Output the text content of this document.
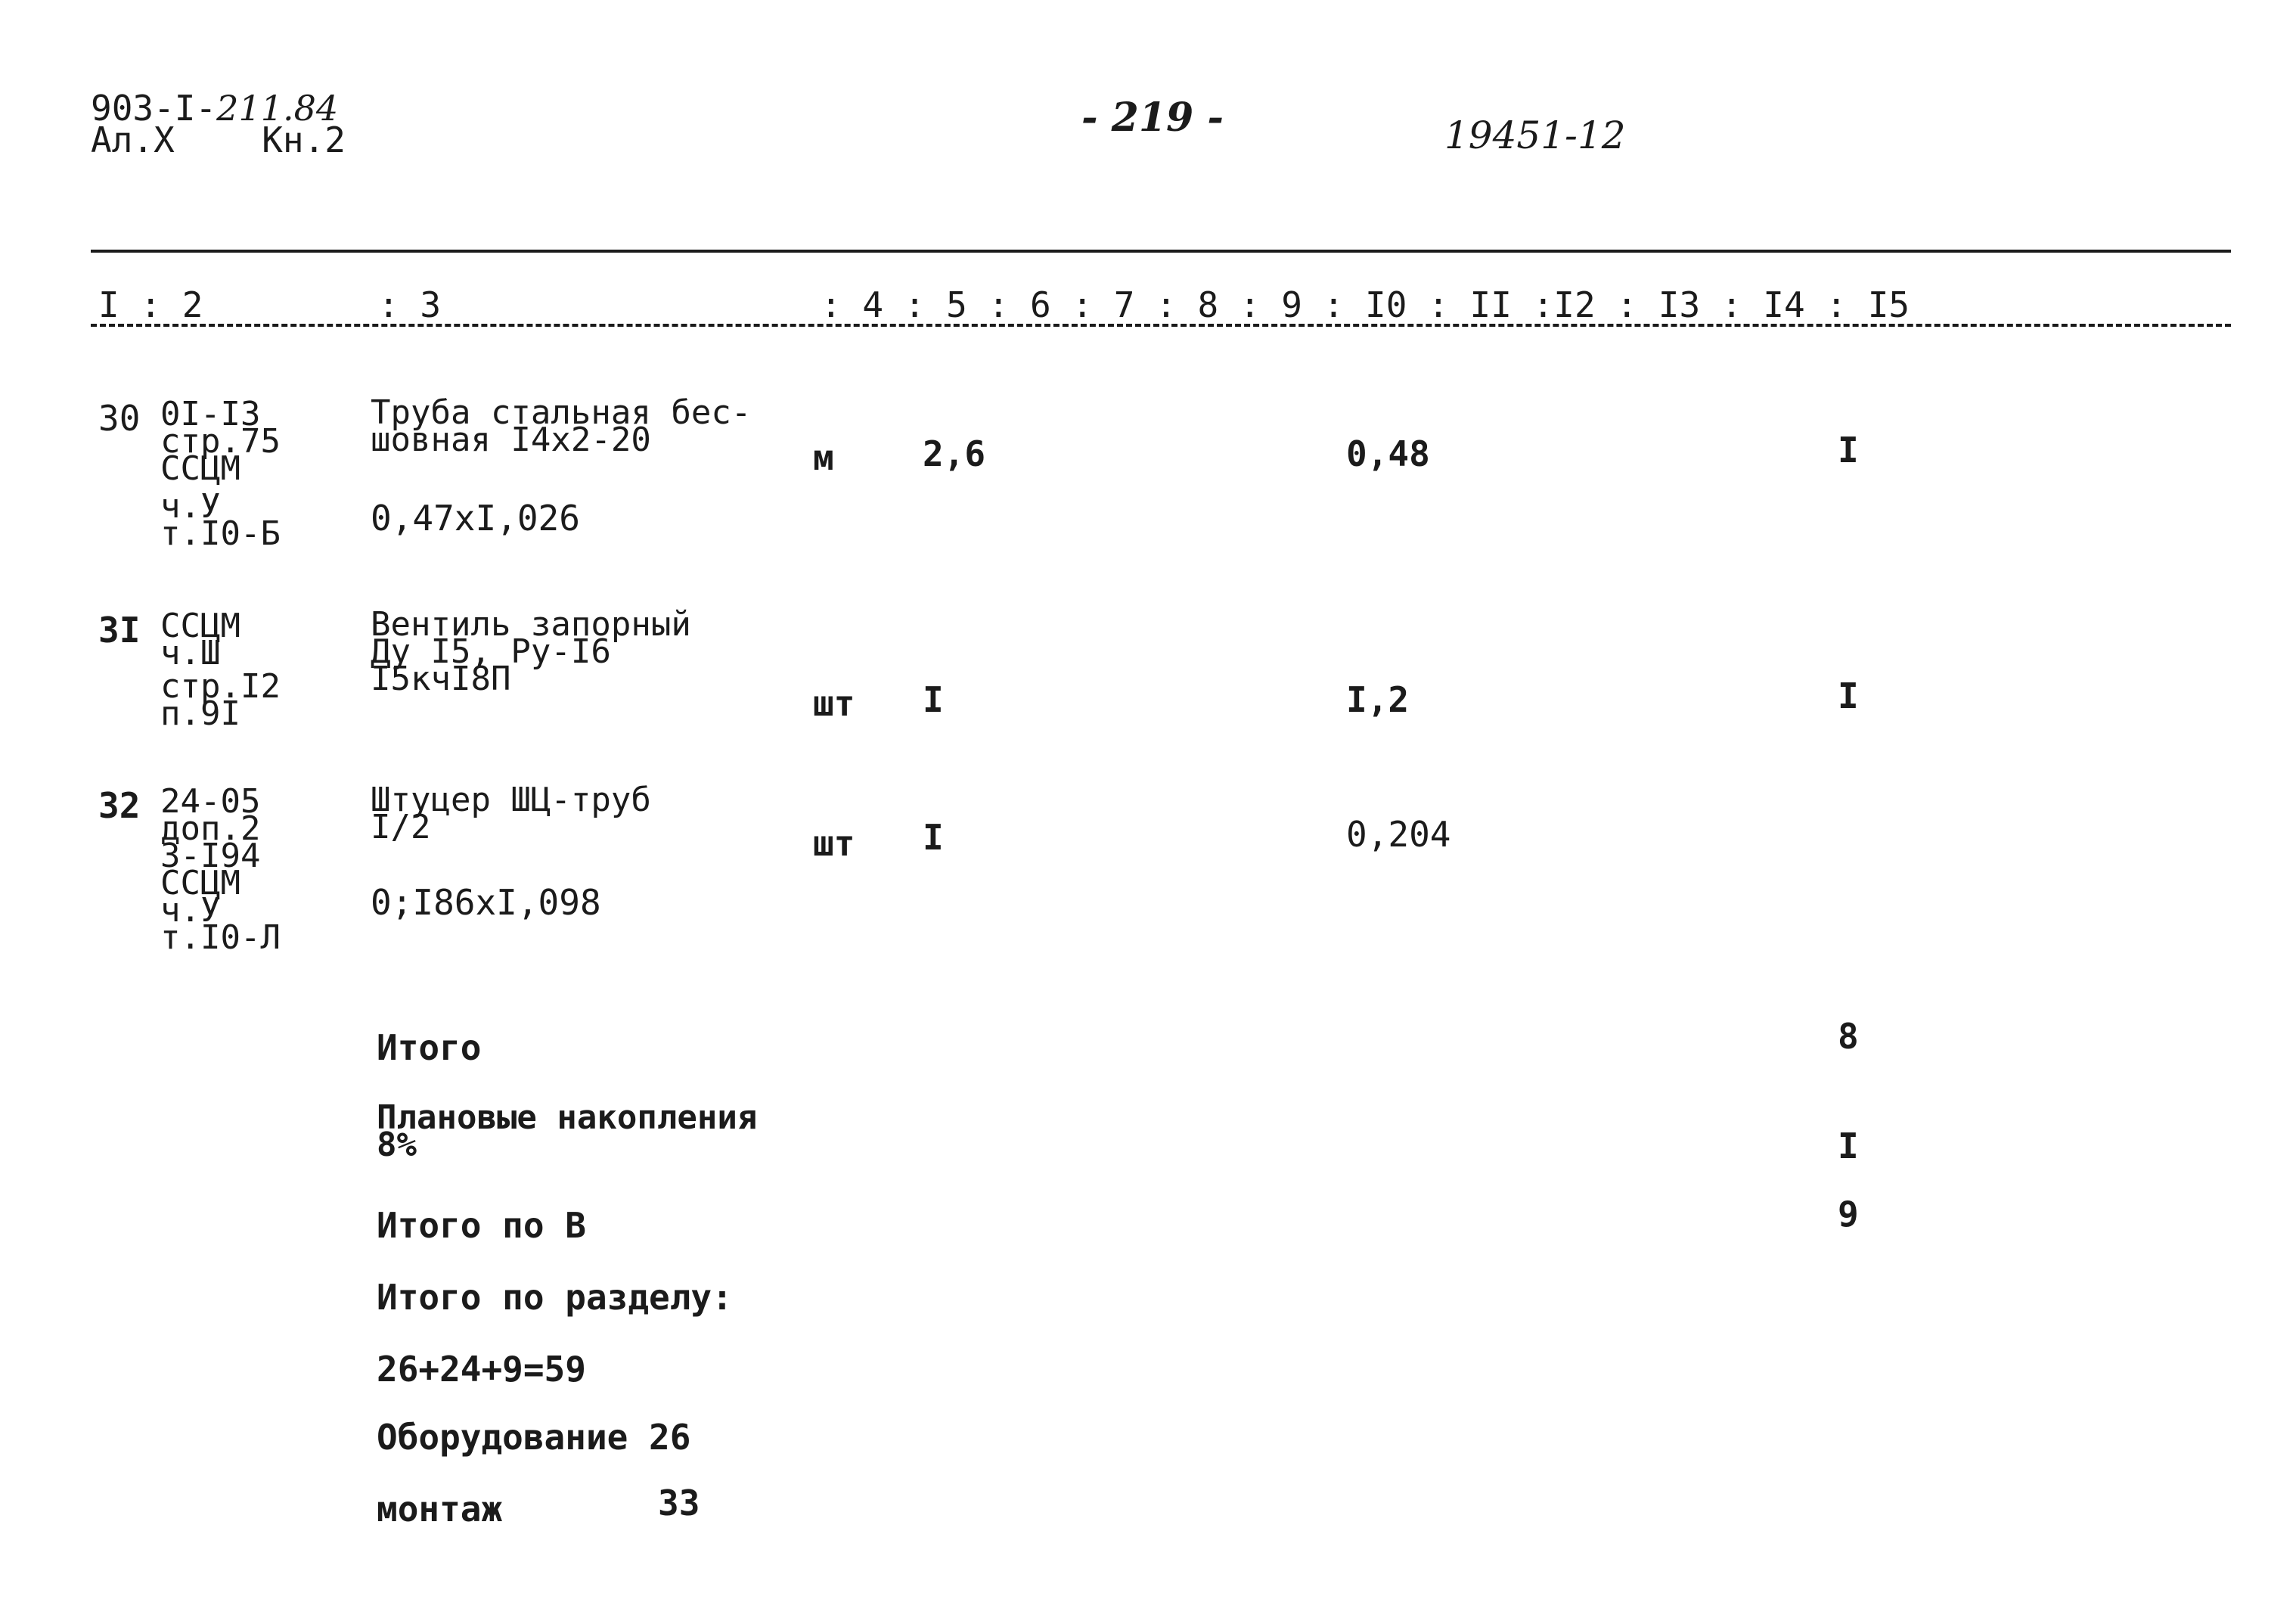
903-I-211.84
Ал.X	Кн.2	- 219 -	19451-12
I : 2	: 3	: 4 : 5 : 6 : 7 : 8 : 9 : I0 : II :I2 : I3 : I4 : I5
30 0I-I3
стр.75
ССЦМ
ч.У
т.I0-Б
Труба стальная бес-
шовная I4х2-20
0,47хI,026
м	2,6	0,48	I
3I ССЦМ
ч.Ш
стр.I2
п.9I
Вентиль запорный
Ду I5, Ру-I6
I5кчI8П
шт I	I,2	I
32 24-05
доп.2
3-I94
ССЦМ
ч.У
т.I0-Л
Штуцер ШЦ-труб
I/2
0;I86хI,098
шт I	0,204
Итого	8
Плановые накопления
8%	I
Итого по В	9
Итого по разделу:
26+24+9=59
Оборудование 26
монтаж	33
